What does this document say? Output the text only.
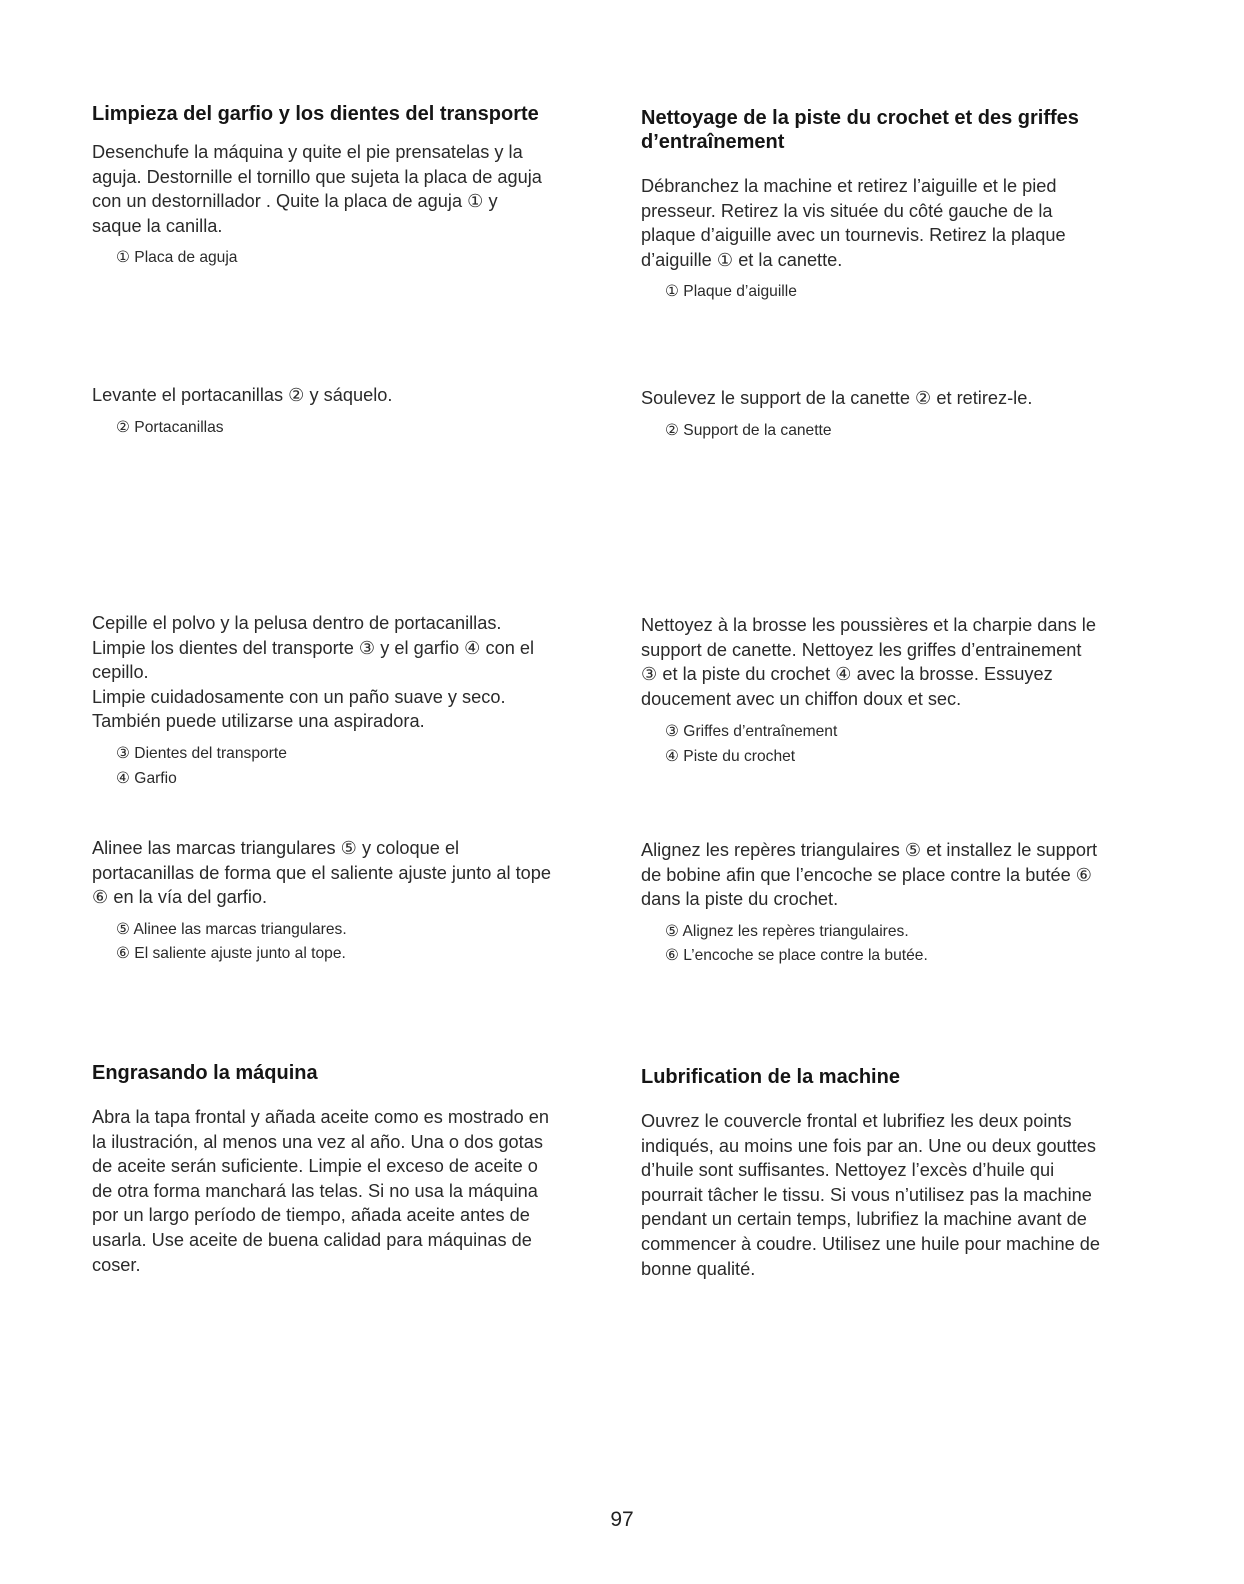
Limpieza del garfio y los dientes del transporte

Desenchufe la máquina y quite el pie prensatelas y la
aguja. Destornille el tornillo que sujeta la placa de aguja
con un destornillador . Quite la placa de aguja ① y
saque la canilla.

① Placa de aguja

Levante el portacanillas ② y sáquelo.

② Portacanillas

Cepille el polvo y la pelusa dentro de portacanillas.
Limpie los dientes del transporte ③ y el garfio ④ con el
cepillo.
Limpie cuidadosamente con un paño suave y seco.
También puede utilizarse una aspiradora.

③ Dientes del transporte
④ Garfio

Alinee las marcas triangulares ⑤ y coloque el
portacanillas de forma que el saliente ajuste junto al tope
⑥ en la vía del garfio.

⑤ Alinee las marcas triangulares.
⑥ El saliente ajuste junto al tope.
Engrasando la máquina

Abra la tapa frontal y añada aceite como es mostrado en
la ilustración, al menos una vez al año. Una o dos gotas
de aceite serán suficiente. Limpie el exceso de aceite o
de otra forma manchará las telas. Si no usa la máquina
por un largo período de tiempo, añada aceite antes de
usarla. Use aceite de buena calidad para máquinas de
coser.

Nettoyage de la piste du crochet et des griffes
d’entraînement

Débranchez la machine et retirez l’aiguille et le pied
presseur. Retirez la vis située du côté gauche de la
plaque d’aiguille avec un tournevis. Retirez la plaque
d’aiguille ① et la canette.

① Plaque d’aiguille

Soulevez le support de la canette ② et retirez-le.

② Support de la canette

Nettoyez à la brosse les poussières et la charpie dans le
support de canette. Nettoyez les griffes d’entrainement
③ et la piste du crochet ④ avec la brosse. Essuyez
doucement avec un chiffon doux et sec.

③ Griffes d’entraînement
④ Piste du crochet

Alignez les repères triangulaires ⑤ et installez le support
de bobine afin que l’encoche se place contre la butée ⑥
dans la piste du crochet.

⑤ Alignez les repères triangulaires.
⑥ L’encoche se place contre la butée.
Lubrification de la machine

Ouvrez le couvercle frontal et lubrifiez les deux points
indiqués, au moins une fois par an. Une ou deux gouttes
d’huile sont suffisantes. Nettoyez l’excès d’huile qui
pourrait tâcher le tissu. Si vous n’utilisez pas la machine
pendant un certain temps, lubrifiez la machine avant de
commencer à coudre. Utilisez une huile pour machine de
bonne qualité.

97
